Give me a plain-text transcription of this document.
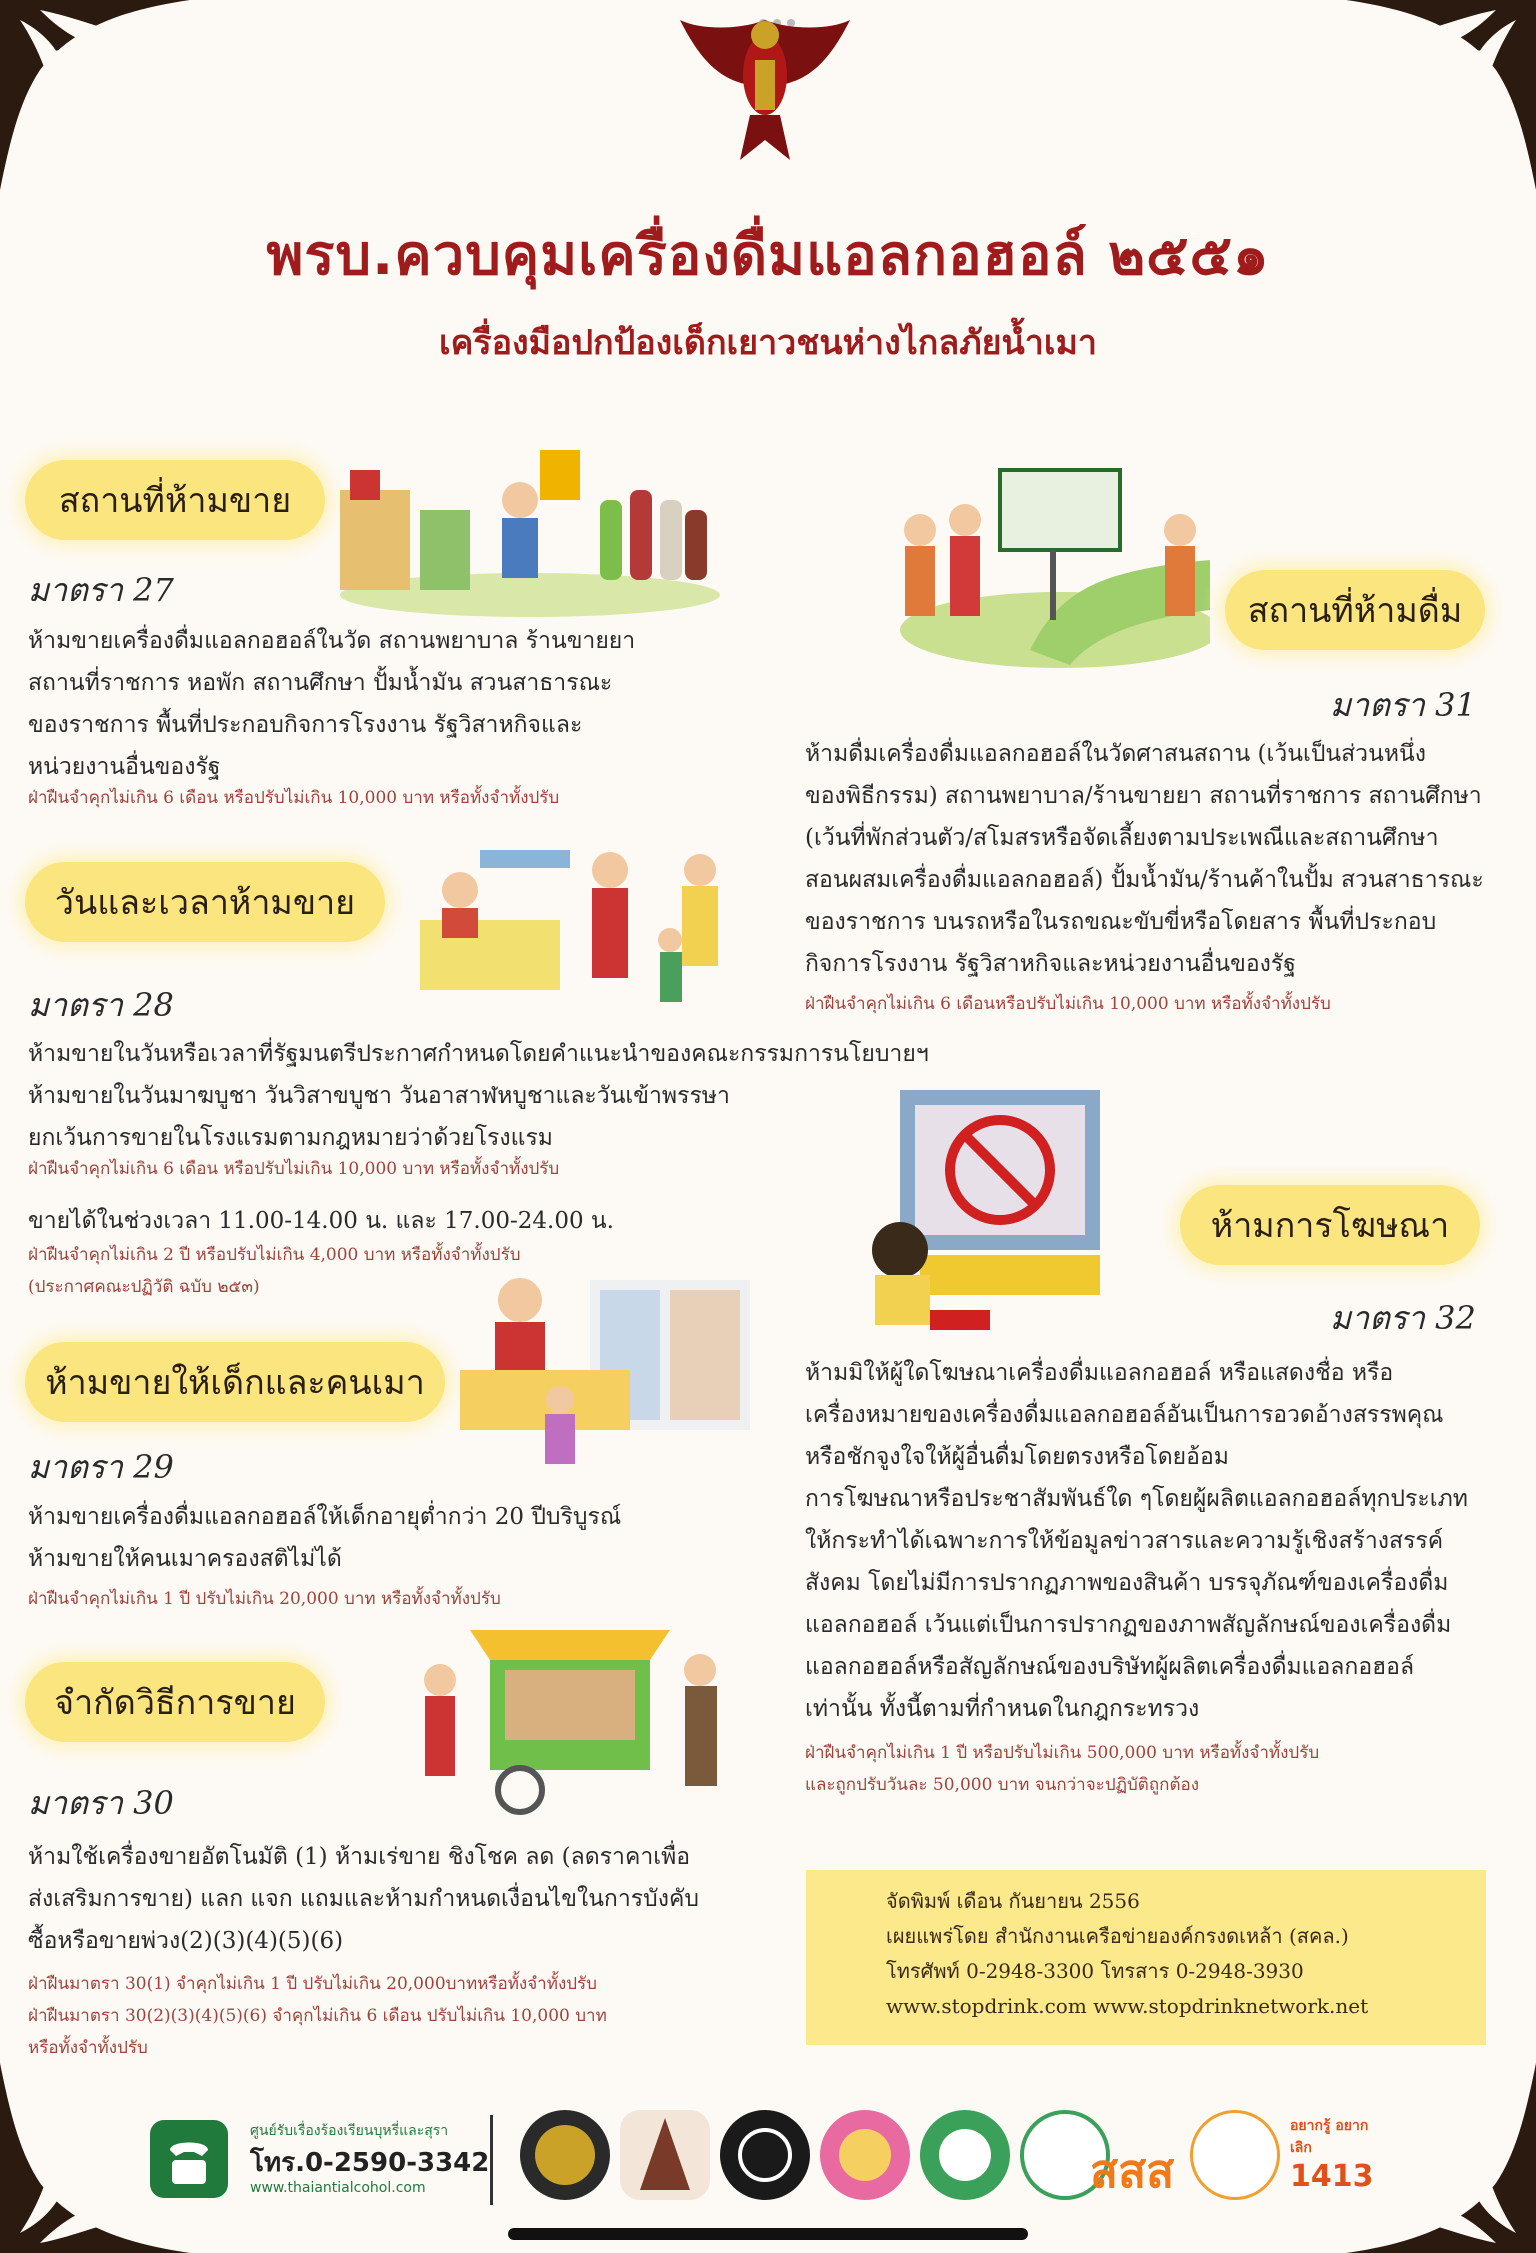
พรบ.ควบคุมเครื่องดื่มแอลกอฮอล์ ๒๕๕๑
เครื่องมือปกป้องเด็กเยาวชนห่างไกลภัยน้ำเมา
สถานที่ห้ามขาย
มาตรา 27
ห้ามขายเครื่องดื่มแอลกอฮอล์ในวัด สถานพยาบาล ร้านขายยา
สถานที่ราชการ หอพัก สถานศึกษา ปั้มน้ำมัน สวนสาธารณะ
ของราชการ พื้นที่ประกอบกิจการโรงงาน รัฐวิสาหกิจและ
หน่วยงานอื่นของรัฐ
ฝ่าฝืนจำคุกไม่เกิน 6 เดือน หรือปรับไม่เกิน 10,000 บาท หรือทั้งจำทั้งปรับ
วันและเวลาห้ามขาย
มาตรา 28
ห้ามขายในวันหรือเวลาที่รัฐมนตรีประกาศกำหนดโดยคำแนะนำของคณะกรรมการนโยบายฯ
ห้ามขายในวันมาฆบูชา วันวิสาขบูชา วันอาสาฬหบูชาและวันเข้าพรรษา
ยกเว้นการขายในโรงแรมตามกฎหมายว่าด้วยโรงแรม
ฝ่าฝืนจำคุกไม่เกิน 6 เดือน หรือปรับไม่เกิน 10,000 บาท หรือทั้งจำทั้งปรับ
ขายได้ในช่วงเวลา 11.00-14.00 น. และ 17.00-24.00 น.
ฝ่าฝืนจำคุกไม่เกิน 2 ปี หรือปรับไม่เกิน 4,000 บาท หรือทั้งจำทั้งปรับ
(ประกาศคณะปฏิวัติ ฉบับ ๒๕๓)
ห้ามขายให้เด็กและคนเมา
มาตรา 29
ห้ามขายเครื่องดื่มแอลกอฮอล์ให้เด็กอายุต่ำกว่า 20 ปีบริบูรณ์
ห้ามขายให้คนเมาครองสติไม่ได้
ฝ่าฝืนจำคุกไม่เกิน 1 ปี ปรับไม่เกิน 20,000 บาท หรือทั้งจำทั้งปรับ
จำกัดวิธีการขาย
มาตรา 30
ห้ามใช้เครื่องขายอัตโนมัติ (1) ห้ามเร่ขาย ชิงโชค ลด (ลดราคาเพื่อ
ส่งเสริมการขาย) แลก แจก แถมและห้ามกำหนดเงื่อนไขในการบังคับ
ซื้อหรือขายพ่วง(2)(3)(4)(5)(6)
ฝ่าฝืนมาตรา 30(1) จำคุกไม่เกิน 1 ปี ปรับไม่เกิน 20,000บาทหรือทั้งจำทั้งปรับ
ฝ่าฝืนมาตรา 30(2)(3)(4)(5)(6) จำคุกไม่เกิน 6 เดือน ปรับไม่เกิน 10,000 บาท
หรือทั้งจำทั้งปรับ
สถานที่ห้ามดื่ม
มาตรา 31
ห้ามดื่มเครื่องดื่มแอลกอฮอล์ในวัดศาสนสถาน (เว้นเป็นส่วนหนึ่ง
ของพิธีกรรม) สถานพยาบาล/ร้านขายยา สถานที่ราชการ สถานศึกษา
(เว้นที่พักส่วนตัว/สโมสรหรือจัดเลี้ยงตามประเพณีและสถานศึกษา
สอนผสมเครื่องดื่มแอลกอฮอล์) ปั้มน้ำมัน/ร้านค้าในปั้ม สวนสาธารณะ
ของราชการ บนรถหรือในรถขณะขับขี่หรือโดยสาร พื้นที่ประกอบ
กิจการโรงงาน รัฐวิสาหกิจและหน่วยงานอื่นของรัฐ
ฝ่าฝืนจำคุกไม่เกิน 6 เดือนหรือปรับไม่เกิน 10,000 บาท หรือทั้งจำทั้งปรับ
ห้ามการโฆษณา
มาตรา 32
ห้ามมิให้ผู้ใดโฆษณาเครื่องดื่มแอลกอฮอล์ หรือแสดงชื่อ หรือ
เครื่องหมายของเครื่องดื่มแอลกอฮอล์อันเป็นการอวดอ้างสรรพคุณ
หรือชักจูงใจให้ผู้อื่นดื่มโดยตรงหรือโดยอ้อม
การโฆษณาหรือประชาสัมพันธ์ใด ๆโดยผู้ผลิตแอลกอฮอล์ทุกประเภท
ให้กระทำได้เฉพาะการให้ข้อมูลข่าวสารและความรู้เชิงสร้างสรรค์
สังคม โดยไม่มีการปรากฏภาพของสินค้า บรรจุภัณฑ์ของเครื่องดื่ม
แอลกอฮอล์ เว้นแต่เป็นการปรากฏของภาพสัญลักษณ์ของเครื่องดื่ม
แอลกอฮอล์หรือสัญลักษณ์ของบริษัทผู้ผลิตเครื่องดื่มแอลกอฮอล์
เท่านั้น ทั้งนี้ตามที่กำหนดในกฎกระทรวง
ฝ่าฝืนจำคุกไม่เกิน 1 ปี หรือปรับไม่เกิน 500,000 บาท หรือทั้งจำทั้งปรับ
และถูกปรับวันละ 50,000 บาท จนกว่าจะปฏิบัติถูกต้อง
จัดพิมพ์ เดือน กันยายน 2556
เผยแพร่โดย สำนักงานเครือข่ายองค์กรงดเหล้า (สคล.)
โทรศัพท์ 0-2948-3300 โทรสาร 0-2948-3930
www.stopdrink.com www.stopdrinknetwork.net
ศูนย์รับเรื่องร้องเรียนบุหรี่และสุรา
โทร.0-2590-3342
www.thaiantialcohol.com	สสส
อยากรู้ อยากเลิก
1413
